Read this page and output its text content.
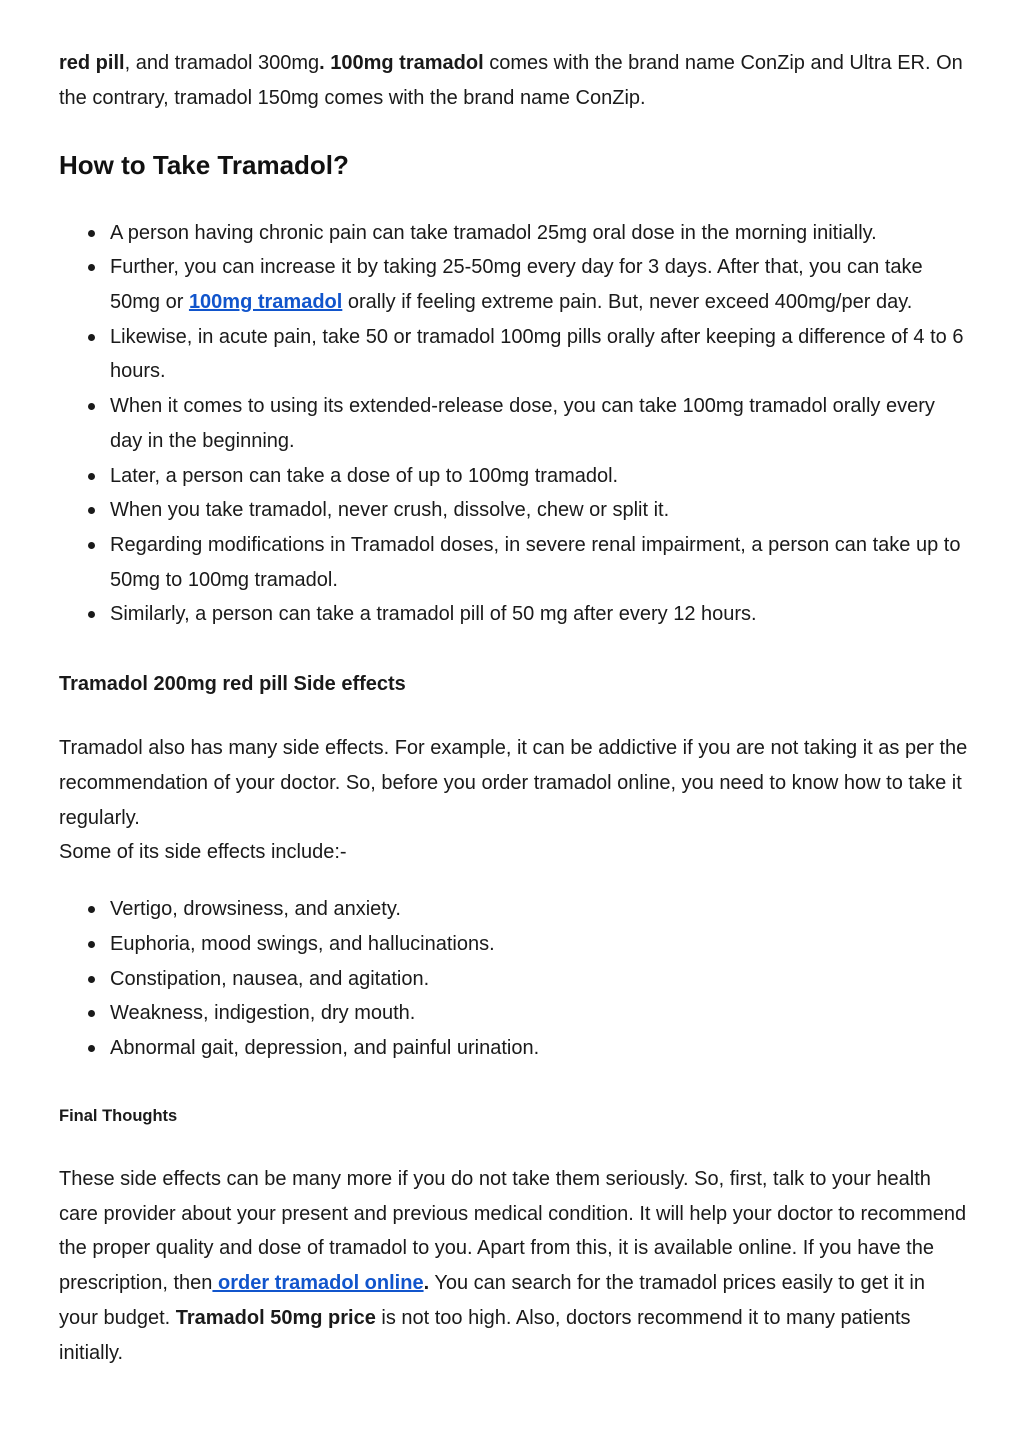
red pill, and tramadol 300mg. 100mg tramadol comes with the brand name ConZip and Ultra ER. On the contrary, tramadol 150mg comes with the brand name ConZip.

How to Take Tramadol?
A person having chronic pain can take tramadol 25mg oral dose in the morning initially.
Further, you can increase it by taking 25-50mg every day for 3 days. After that, you can take 50mg or 100mg tramadol orally if feeling extreme pain. But, never exceed 400mg/per day.
Likewise, in acute pain, take 50 or tramadol 100mg pills orally after keeping a difference of 4 to 6 hours.
When it comes to using its extended-release dose, you can take 100mg tramadol orally every day in the beginning.
Later, a person can take a dose of up to 100mg tramadol.
When you take tramadol, never crush, dissolve, chew or split it.
Regarding modifications in Tramadol doses, in severe renal impairment, a person can take up to 50mg to 100mg tramadol.
Similarly, a person can take a tramadol pill of 50 mg after every 12 hours.
Tramadol 200mg red pill Side effects

Tramadol also has many side effects. For example, it can be addictive if you are not taking it as per the recommendation of your doctor. So, before you order tramadol online, you need to know how to take it regularly.

Some of its side effects include:-

Vertigo, drowsiness, and anxiety.
Euphoria, mood swings, and hallucinations.
Constipation, nausea, and agitation.
Weakness, indigestion, dry mouth.
Abnormal gait, depression, and painful urination.
Final Thoughts

These side effects can be many more if you do not take them seriously. So, first, talk to your health care provider about your present and previous medical condition. It will help your doctor to recommend the proper quality and dose of tramadol to you. Apart from this, it is available online. If you have the prescription, then order tramadol online. You can search for the tramadol prices easily to get it in your budget. Tramadol 50mg price is not too high. Also, doctors recommend it to many patients initially.
